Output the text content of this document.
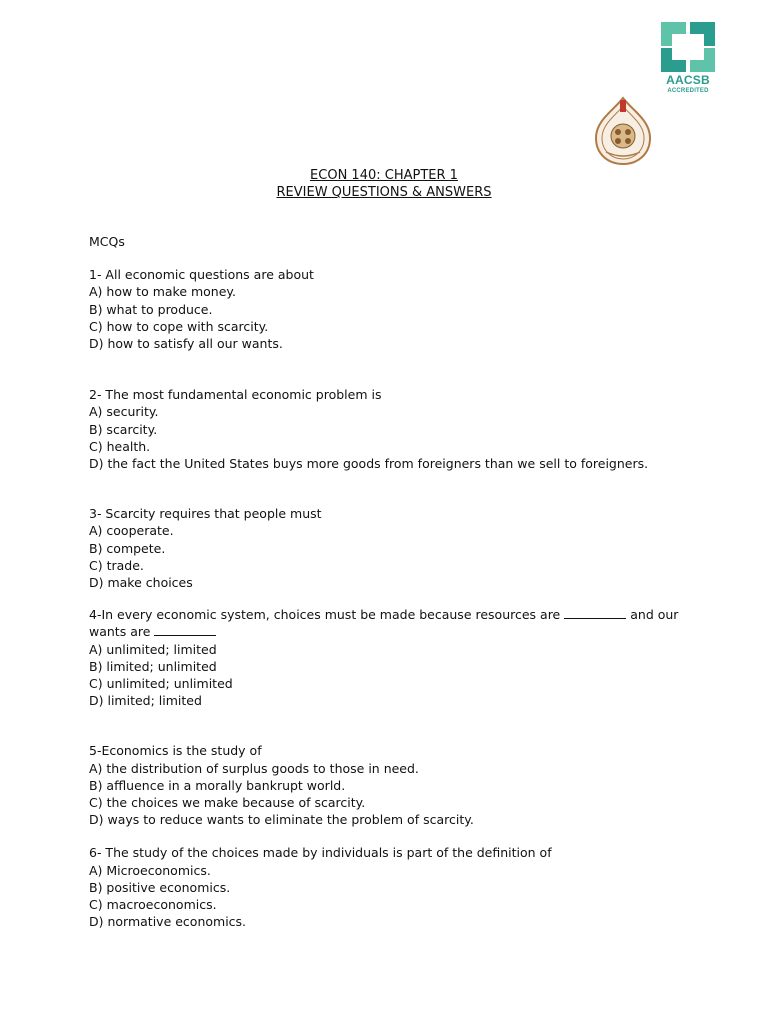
AACSB
ACCREDITED
ECON 140: CHAPTER 1
REVIEW QUESTIONS & ANSWERS
MCQs
1- All economic questions are about
A) how to make money.
B) what to produce.
C) how to cope with scarcity.
D) how to satisfy all our wants.
2- The most fundamental economic problem is
A) security.
B) scarcity.
C) health.
D) the fact the United States buys more goods from foreigners than we sell to foreigners.
3- Scarcity requires that people must
A) cooperate.
B) compete.
C) trade.
D) make choices
4-In every economic system, choices must be made because resources are	and our
wants are
A) unlimited; limited
B) limited; unlimited
C) unlimited; unlimited
D) limited; limited
5-Economics is the study of
A) the distribution of surplus goods to those in need.
B) affluence in a morally bankrupt world.
C) the choices we make because of scarcity.
D) ways to reduce wants to eliminate the problem of scarcity.
6- The study of the choices made by individuals is part of the definition of
A) Microeconomics.
B) positive economics.
C) macroeconomics.
D) normative economics.
